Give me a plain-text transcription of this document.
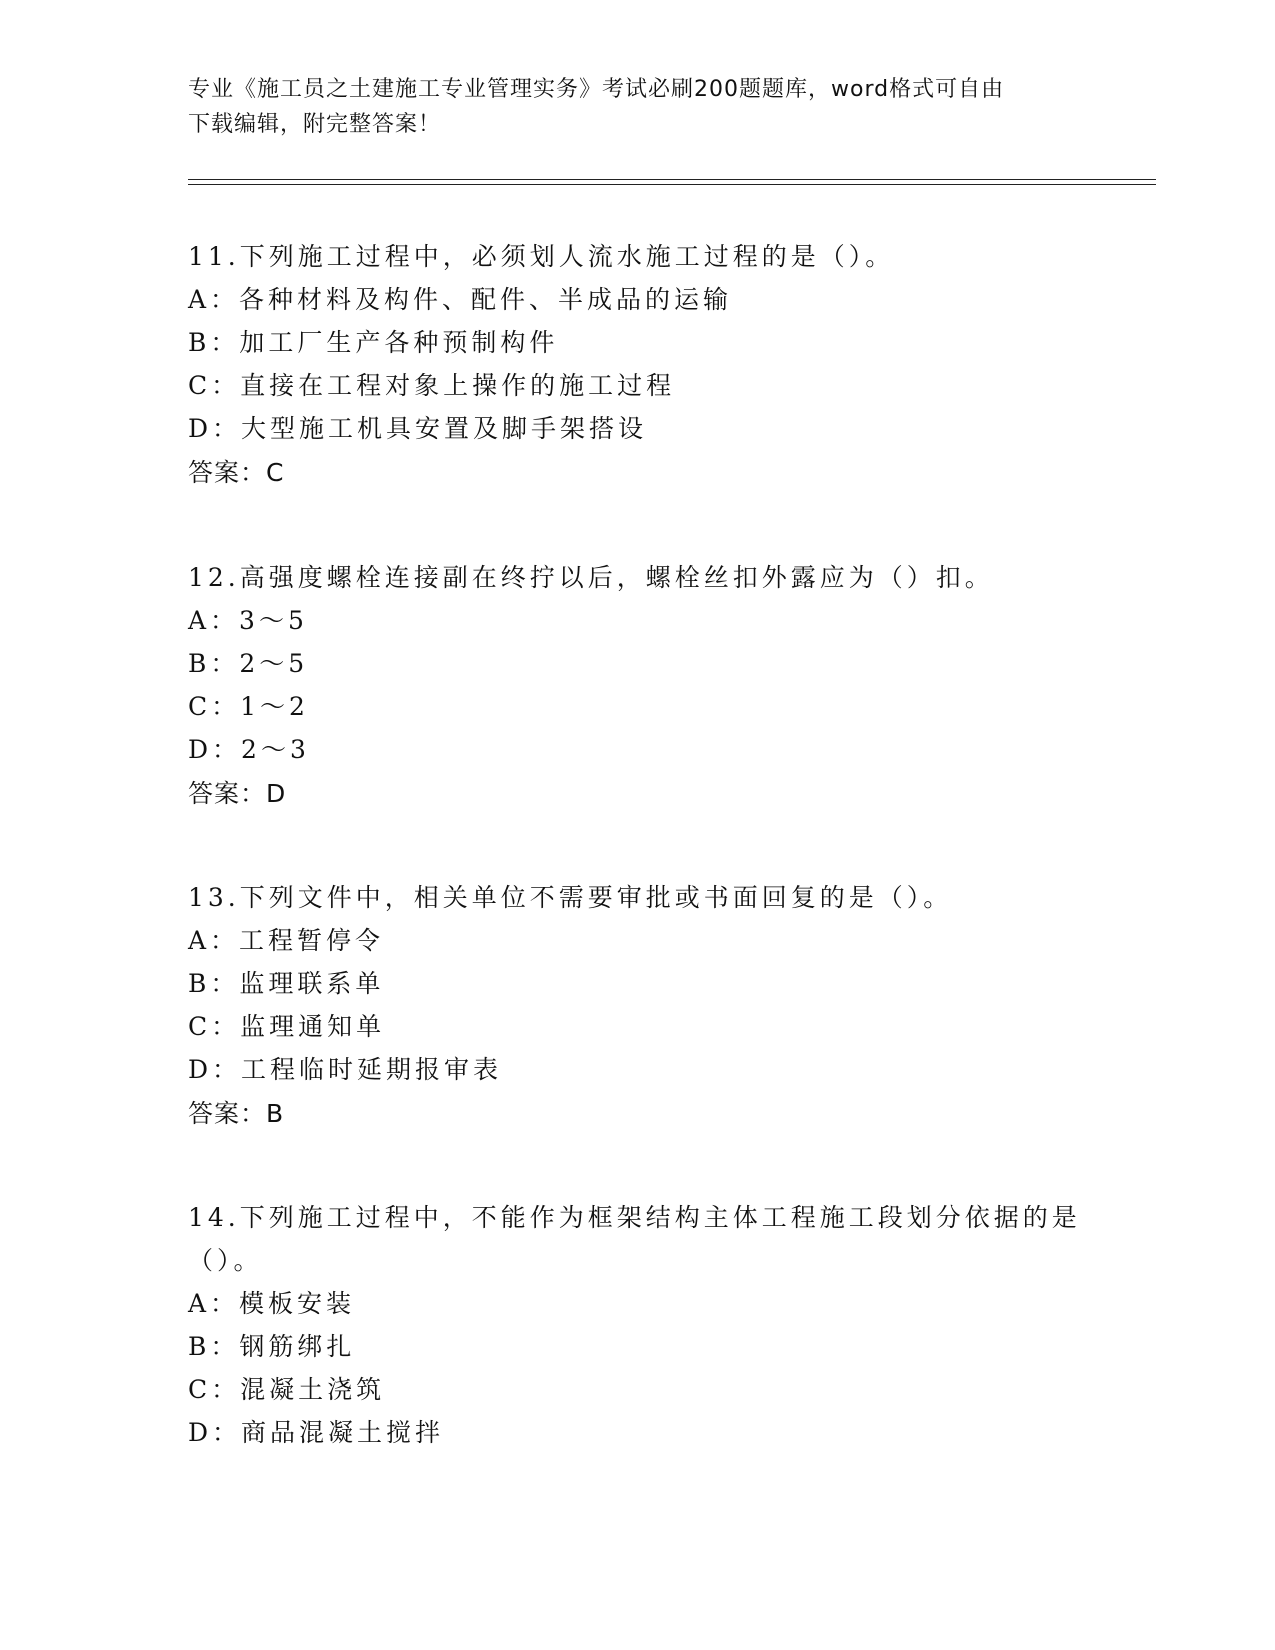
专业《施工员之土建施工专业管理实务》考试必刷200题题库，word格式可自由
下载编辑，附完整答案！

11.下列施工过程中，必须划人流水施工过程的是（）。

A：各种材料及构件、配件、半成品的运输

B：加工厂生产各种预制构件

C：直接在工程对象上操作的施工过程

D：大型施工机具安置及脚手架搭设

答案：C

12.高强度螺栓连接副在终拧以后，螺栓丝扣外露应为（）扣。

A：3～5

B：2～5

C：1～2

D：2～3

答案：D

13.下列文件中，相关单位不需要审批或书面回复的是（）。

A：工程暂停令

B：监理联系单

C：监理通知单

D：工程临时延期报审表

答案：B

14.下列施工过程中，不能作为框架结构主体工程施工段划分依据的是（）。

A：模板安装

B：钢筋绑扎

C：混凝土浇筑

D：商品混凝土搅拌
